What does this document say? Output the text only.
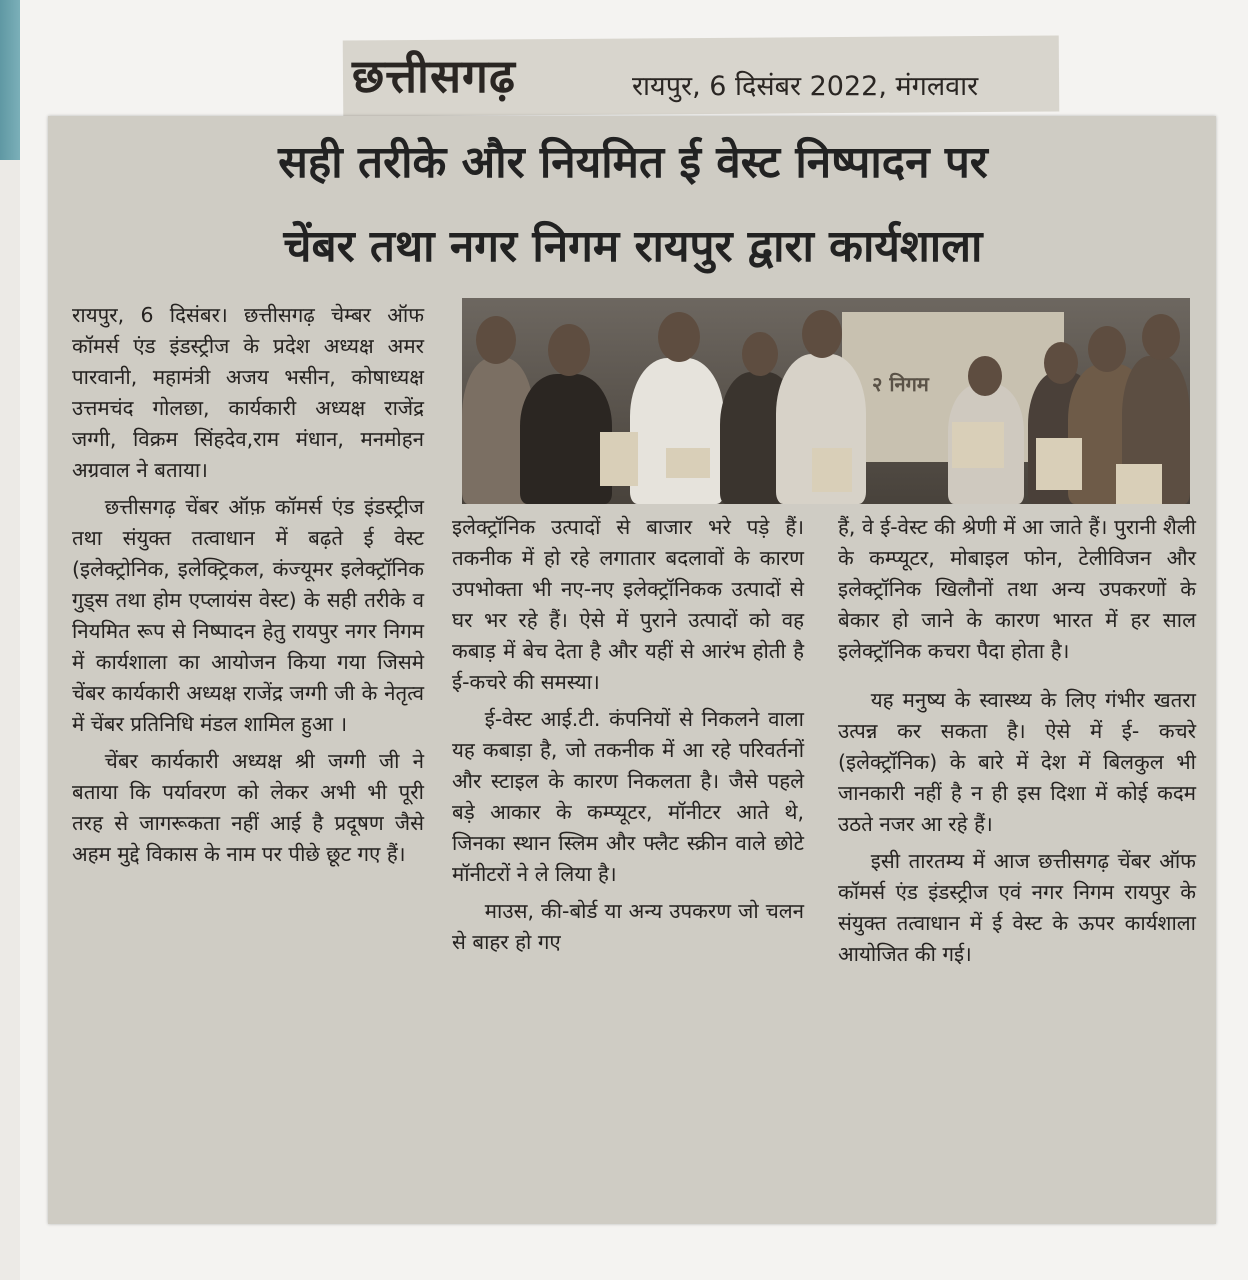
छत्तीसगढ़	रायपुर, 6 दिसंबर 2022, मंगलवार
सही तरीके और नियमित ई वेस्ट निष्पादन पर
चेंबर तथा नगर निगम रायपुर द्वारा कार्यशाला
२ निगम

रायपुर, 6 दिसंबर। छत्तीसगढ़ चेम्बर ऑफ कॉमर्स एंड इंडस्ट्रीज के प्रदेश अध्यक्ष अमर पारवानी, महामंत्री अजय भसीन, कोषाध्यक्ष उत्तमचंद गोलछा, कार्यकारी अध्यक्ष राजेंद्र जग्गी, विक्रम सिंहदेव,राम मंधान, मनमोहन अग्रवाल ने बताया।

छत्तीसगढ़ चेंबर ऑफ़ कॉमर्स एंड इंडस्ट्रीज तथा संयुक्त तत्वाधान में बढ़ते ई वेस्ट (इलेक्ट्रोनिक, इलेक्ट्रिकल, कंज्यूमर इलेक्ट्रॉनिक गुड्स तथा होम एप्लायंस वेस्ट) के सही तरीके व नियमित रूप से निष्पादन हेतु रायपुर नगर निगम में कार्यशाला का आयोजन किया गया जिसमे चेंबर कार्यकारी अध्यक्ष राजेंद्र जग्गी जी के नेतृत्व में चेंबर प्रतिनिधि मंडल शामिल हुआ ।

चेंबर कार्यकारी अध्यक्ष श्री जग्गी जी ने बताया कि पर्यावरण को लेकर अभी भी पूरी तरह से जागरूकता नहीं आई है प्रदूषण जैसे अहम मुद्दे विकास के नाम पर पीछे छूट गए हैं।

इलेक्ट्रॉनिक उत्पादों से बाजार भरे पड़े हैं। तकनीक में हो रहे लगातार बदलावों के कारण उपभोक्ता भी नए-नए इलेक्ट्रॉनिकक उत्पादों से घर भर रहे हैं। ऐसे में पुराने उत्पादों को वह कबाड़ में बेच देता है और यहीं से आरंभ होती है ई-कचरे की समस्या।

ई-वेस्ट आई.टी. कंपनियों से निकलने वाला यह कबाड़ा है, जो तकनीक में आ रहे परिवर्तनों और स्टाइल के कारण निकलता है। जैसे पहले बड़े आकार के कम्प्यूटर, मॉनीटर आते थे, जिनका स्थान स्लिम और फ्लैट स्क्रीन वाले छोटे मॉनीटरों ने ले लिया है।

माउस, की-बोर्ड या अन्य उपकरण जो चलन से बाहर हो गए

हैं, वे ई-वेस्ट की श्रेणी में आ जाते हैं। पुरानी शैली के कम्प्यूटर, मोबाइल फोन, टेलीविजन और इलेक्ट्रॉनिक खिलौनों तथा अन्य उपकरणों के बेकार हो जाने के कारण भारत में हर साल इलेक्ट्रॉनिक कचरा पैदा होता है।

यह मनुष्य के स्वास्थ्य के लिए गंभीर खतरा उत्पन्न कर सकता है। ऐसे में ई- कचरे (इलेक्ट्रॉनिक) के बारे में देश में बिलकुल भी जानकारी नहीं है न ही इस दिशा में कोई कदम उठते नजर आ रहे हैं।

इसी तारतम्य में आज छत्तीसगढ़ चेंबर ऑफ कॉमर्स एंड इंडस्ट्रीज एवं नगर निगम रायपुर के संयुक्त तत्वाधान में ई वेस्ट के ऊपर कार्यशाला आयोजित की गई।
